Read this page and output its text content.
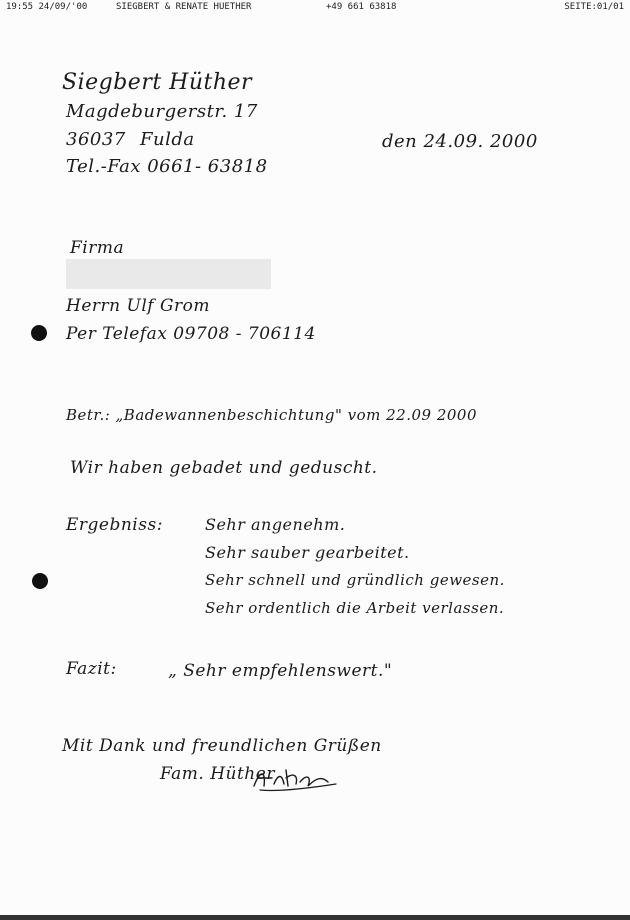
19:55 24/09/'00	SIEGBERT & RENATE HUETHER	+49 661 63818	SEITE:01/01
Siegbert Hüther
Magdeburgerstr. 17
36037 Fulda
Tel.-Fax 0661- 63818
den 24.09. 2000
Firma
Herrn Ulf Grom
Per Telefax 09708 - 706114
Betr.: „Badewannenbeschichtung" vom 22.09 2000
Wir haben gebadet und geduscht.
Ergebniss:	Sehr angenehm.
Sehr sauber gearbeitet.
Sehr schnell und gründlich gewesen.
Sehr ordentlich die Arbeit verlassen.
Fazit:	„ Sehr empfehlenswert."
Mit Dank und freundlichen Grüßen
Fam. Hüther
